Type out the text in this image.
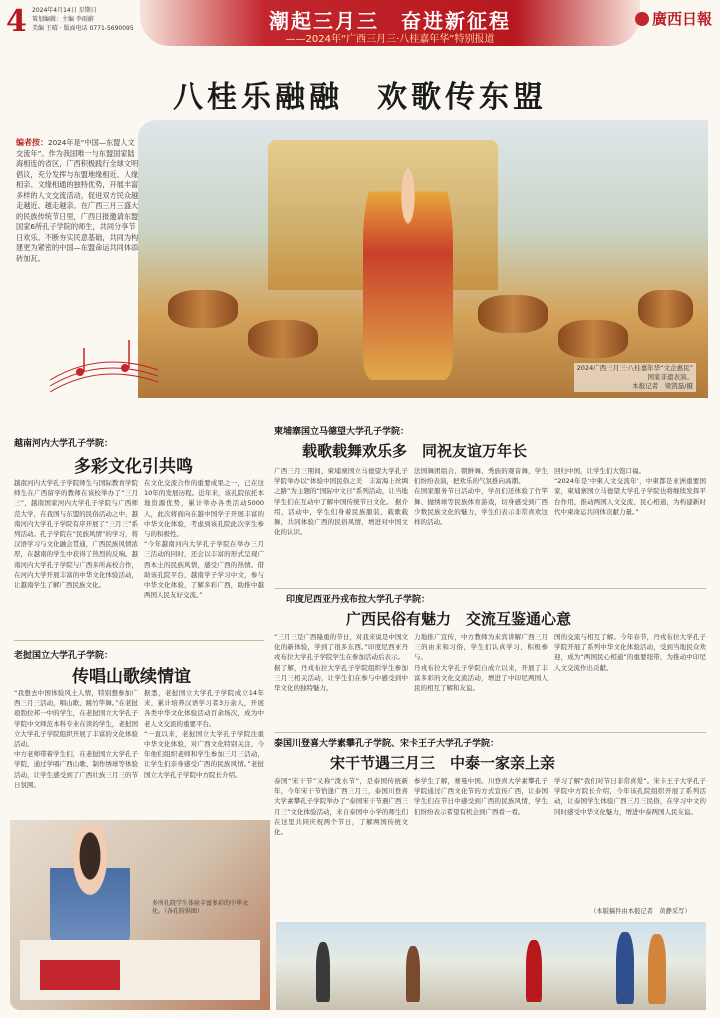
4 2024年4月14日 星期日
策划编辑：主编 李雨蔚
美编 王晴 · 版面电话 0771-5690095	潮起三月三　奋进新征程
——2024年“广西三月三·八桂嘉年华”特别报道
廣西日報
八桂乐融融　欢歌传东盟
2024广西三月三·八桂嘉年华“文企惠民”
国家非遗表演。
本报记者　梁凯磊/摄
编者按：2024年是“中国—东盟人文交流年”。作为我国唯一与东盟国家陆海相连的省区，广西积极践行全球文明倡议，充分发挥与东盟地缘相近、人缘相亲、文缘相通的独特优势，开展丰富多样的人文交流活动，促进双方民众越走越近、越走越亲。在广西三月三盛大的民族传统节日里，广西日报邀请东盟国家6所孔子学院的师生，共同分享节日欢乐。不断夯实民意基础，共同为构建更为紧密的中国—东盟命运共同体添砖加瓦。
越南河内大学孔子学院：
多彩文化引共鸣
越南河内大学孔子学院师生与国际教育学院师生在广西留学的教师在该校举办了“三月三”，越南国家河内大学孔子学院与广西师范大学，在我国与东盟的民俗活动之中，越南河内大学孔子学院有序开展了“三月三”系列活动。孔子学院在“民族风情”的学习，将汉语学习与文化融会贯通，广西民族风情浓厚，在越南的学生中获得了热烈的反响。越南河内大学孔子学院与广西多所高校合作，在河内大学开展丰富的中华文化体验活动，让越南学生了解广西民族文化。
在文化交流合作的重要成果之一，已在这10年的发展历程。近年来，该孔院依托本地资源优势，累计举办各类活动5000人，此次将面向在越中国学子开展丰富的中华文化体验，考虑到该孔院此次学生参与的积极性。
“今年越南河内大学孔子学院在举办三月三活动的同时，还会以丰富的形式呈现广西本土的民族风情，感受广西的热情。借助该孔院平台，越南学子学习中文，参与中华文化体验，了解多彩广西，助推中越两国人民友好交流。”
老挝国立大学孔子学院：
传唱山歌续情谊
“我想去中国体验风土人情，特别想参加广西三月三活动，唱山歌、跳竹竿舞。”在老挝琅勃拉邦一中的学生，在老挝国立大学孔子学院中文师范本科专业在读的学生，老挝国立大学孔子学院组织开展了丰富的文化体验活动。
中方老师带着学生们，在老挝国立大学孔子学院，通过学唱广西山歌、制作绣球等体验活动，让学生感受到了广西壮族三月三的节日氛围。
据悉，老挝国立大学孔子学院成立14年来，累计培养汉语学习者3万余人，开展各类中华文化体验活动百余场次，成为中老人文交流的重要平台。
“一直以来，老挝国立大学孔子学院注重中华文化体验，对广西文化特别关注，今年他们组织老师和学生参加三月三活动，让学生们亲身感受广西的民族风情。”老挝国立大学孔子学院中方院长介绍。
多所孔院学生体验丰富多彩的中华文化。（各孔院供图）
柬埔寨国立马德望大学孔子学院：
载歌载舞欢乐多　同祝友谊万年长
广西三月三期间，柬埔寨国立马德望大学孔子学院举办以“体验中国民俗之美　丰富海上丝绸之路”为主题的“国际中文日”系列活动，让当地学生们在互动中了解中国传统节日文化。 据介绍，活动中，学生们身着民族服装，载歌载舞，共同体验广西的民俗风情，增进对中国文化的认识。
法国舞团组合、朝鲜舞、秀族的观音舞，学生们纷纷表演，把欢乐的气氛推向高潮。
在国家服务节日活动中，学员们还体验了竹竿舞、抛绣球等民族体育游戏，切身感受到广西少数民族文化的魅力，学生们表示非常喜欢这样的活动。
回归中国，让学生们大饱口福。
“2024年是‘中柬人文交流年’，中柬都是亚洲重要国家，柬埔寨国立马德望大学孔子学院也将继续发挥平台作用，推动两国人文交流、民心相通，为构建新时代中柬命运共同体贡献力量。”
印度尼西亚丹戎布拉大学孔子学院：
广西民俗有魅力　交流互鉴通心意
“三月三是广西隆重的节日，对我来说是中国文化的新体验，学到了很多东西。”印度尼西亚丹戎布拉大学孔子学院学生在参加活动后表示。
据了解，丹戎布拉大学孔子学院组织学生参加三月三相关活动，让学生们在参与中感受到中华文化的独特魅力。
力地推广宣传，中方教师为来宾讲解广西三月三的由来和习俗，学生们认真学习、积极参与。
丹戎布拉大学孔子学院自成立以来，开展了丰富多彩的文化交流活动，增进了中印尼两国人民的相互了解和友谊。
国的交流与相互了解。今年春节，丹戎布拉大学孔子学院开展了系列中华文化体验活动，受到当地民众欢迎，成为“两国民心相通”的重要纽带，为推动中印尼人文交流作出贡献。
泰国川登喜大学素攀孔子学院、宋卡王子大学孔子学院：
宋干节遇三月三　中泰一家亲上亲
泰国“宋干节”又称“泼水节”，是泰国传统新年，今年宋干节恰逢广西三月三，泰国川登喜大学素攀孔子学院举办了“泰国宋干节遇广西三月三”文化体验活动，来自泰国中小学的师生们在这里共同庆祝两个节日，了解两国传统文化。
参学生了解，赛曼中国。川登喜大学素攀孔子学院通过广西文化节的方式宣传广西，让泰国学生们在节日中感受到广西的民族风情，学生们纷纷表示希望有机会到广西看一看。
学习了解“我们对节日非常喜爱”。宋卡王子大学孔子学院中方院长介绍，今年该孔院组织开展了系列活动，让泰国学生体验广西三月三民俗，在学习中文的同时感受中华文化魅力，增进中泰两国人民友谊。
（本版稿件由本报记者　黄静采写）
